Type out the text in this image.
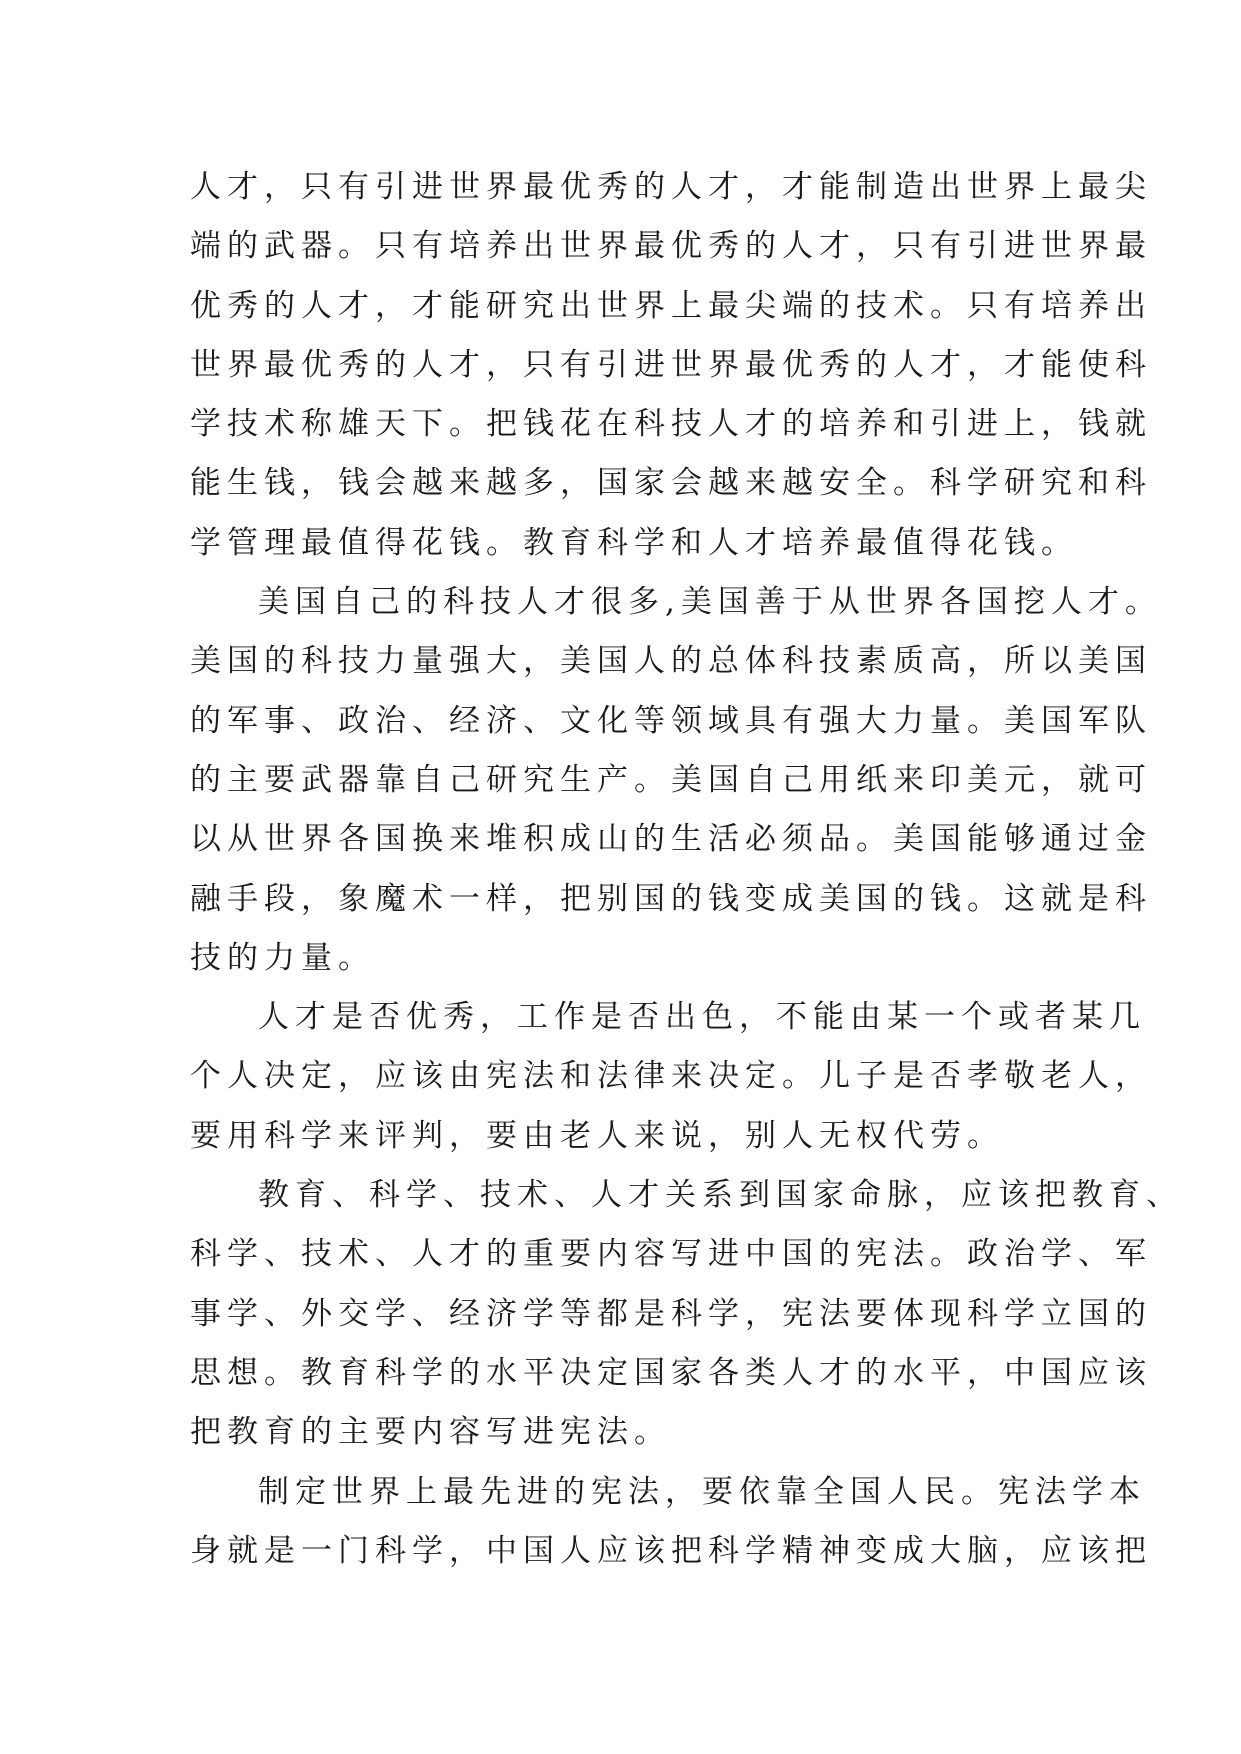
人才，只有引进世界最优秀的人才，才能制造出世界上最尖
端的武器。只有培养出世界最优秀的人才，只有引进世界最
优秀的人才，才能研究出世界上最尖端的技术。只有培养出
世界最优秀的人才，只有引进世界最优秀的人才，才能使科
学技术称雄天下。把钱花在科技人才的培养和引进上，钱就
能生钱，钱会越来越多，国家会越来越安全。科学研究和科
学管理最值得花钱。教育科学和人才培养最值得花钱。
美国自己的科技人才很多,美国善于从世界各国挖人才。
美国的科技力量强大，美国人的总体科技素质高，所以美国
的军事、政治、经济、文化等领域具有强大力量。美国军队
的主要武器靠自己研究生产。美国自己用纸来印美元，就可
以从世界各国换来堆积成山的生活必须品。美国能够通过金
融手段，象魔术一样，把别国的钱变成美国的钱。这就是科
技的力量。
人才是否优秀，工作是否出色，不能由某一个或者某几
个人决定，应该由宪法和法律来决定。儿子是否孝敬老人，
要用科学来评判，要由老人来说，别人无权代劳。
教育、科学、技术、人才关系到国家命脉，应该把教育、
科学、技术、人才的重要内容写进中国的宪法。政治学、军
事学、外交学、经济学等都是科学，宪法要体现科学立国的
思想。教育科学的水平决定国家各类人才的水平，中国应该
把教育的主要内容写进宪法。
制定世界上最先进的宪法，要依靠全国人民。宪法学本
身就是一门科学，中国人应该把科学精神变成大脑，应该把
